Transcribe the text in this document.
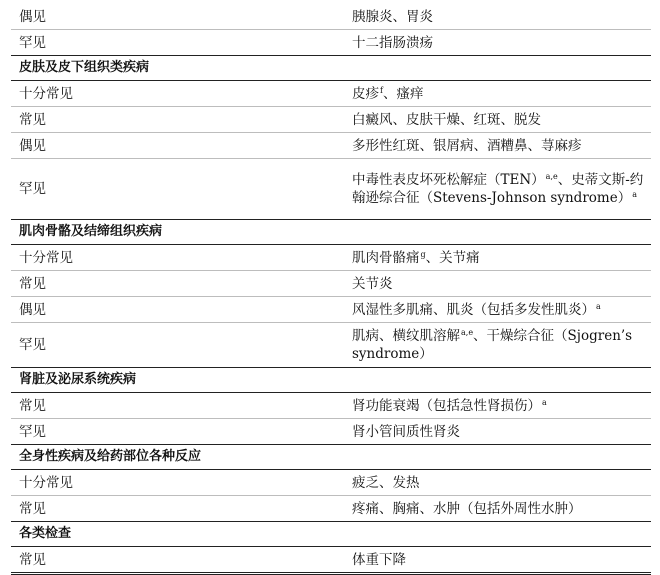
偶见	胰腺炎、胃炎
罕见	十二指肠溃疡
皮肤及皮下组织类疾病	
十分常见	皮疹$^f$、瘙痒
常见	白癜风、皮肤干燥、红斑、脱发
偶见	多形性红斑、银屑病、酒糟鼻、荨麻疹
罕见	中毒性表皮坏死松解症（TEN）$^{a,e}$、史蒂文斯-约翰逊综合征（Stevens-Johnson syndrome）$^a$
肌肉骨骼及结缔组织疾病	
十分常见	肌肉骨骼痛$^g$、关节痛
常见	关节炎
偶见	风湿性多肌痛、肌炎（包括多发性肌炎）$^a$
罕见	肌病、横纹肌溶解$^{a,e}$、干燥综合征（Sjogren’s syndrome）
肾脏及泌尿系统疾病	
常见	肾功能衰竭（包括急性肾损伤）$^a$
罕见	肾小管间质性肾炎
全身性疾病及给药部位各种反应	
十分常见	疲乏、发热
常见	疼痛、胸痛、水肿（包括外周性水肿）
各类检查	
常见	体重下降
